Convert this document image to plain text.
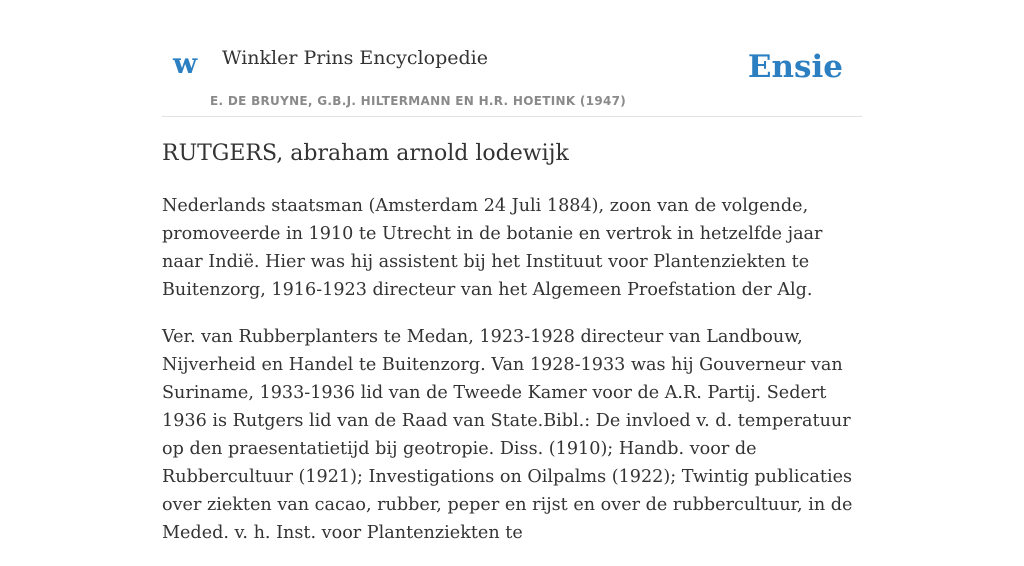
w Winkler Prins Encyclopedie
E. DE BRUYNE, G.B.J. HILTERMANN EN H.R. HOETINK (1947)
Ensie
RUTGERS, abraham arnold lodewijk

Nederlands staatsman (Amsterdam 24 Juli 1884), zoon van de volgende, promoveerde in 1910 te Utrecht in de botanie en vertrok in hetzelfde jaar naar Indië. Hier was hij assistent bij het Instituut voor Plantenziekten te Buitenzorg, 1916-1923 directeur van het Algemeen Proefstation der Alg.

Ver. van Rubberplanters te Medan, 1923-1928 directeur van Landbouw, Nijverheid en Handel te Buitenzorg. Van 1928-1933 was hij Gouverneur van Suriname, 1933-1936 lid van de Tweede Kamer voor de A.R. Partij. Sedert 1936 is Rutgers lid van de Raad van State.Bibl.: De invloed v. d. temperatuur op den praesentatietijd bij geotropie. Diss. (1910); Handb. voor de Rubbercultuur (1921); Investigations on Oilpalms (1922); Twintig publicaties over ziekten van cacao, rubber, peper en rijst en over de rubbercultuur, in de Meded. v. h. Inst. voor Plantenziekten te
